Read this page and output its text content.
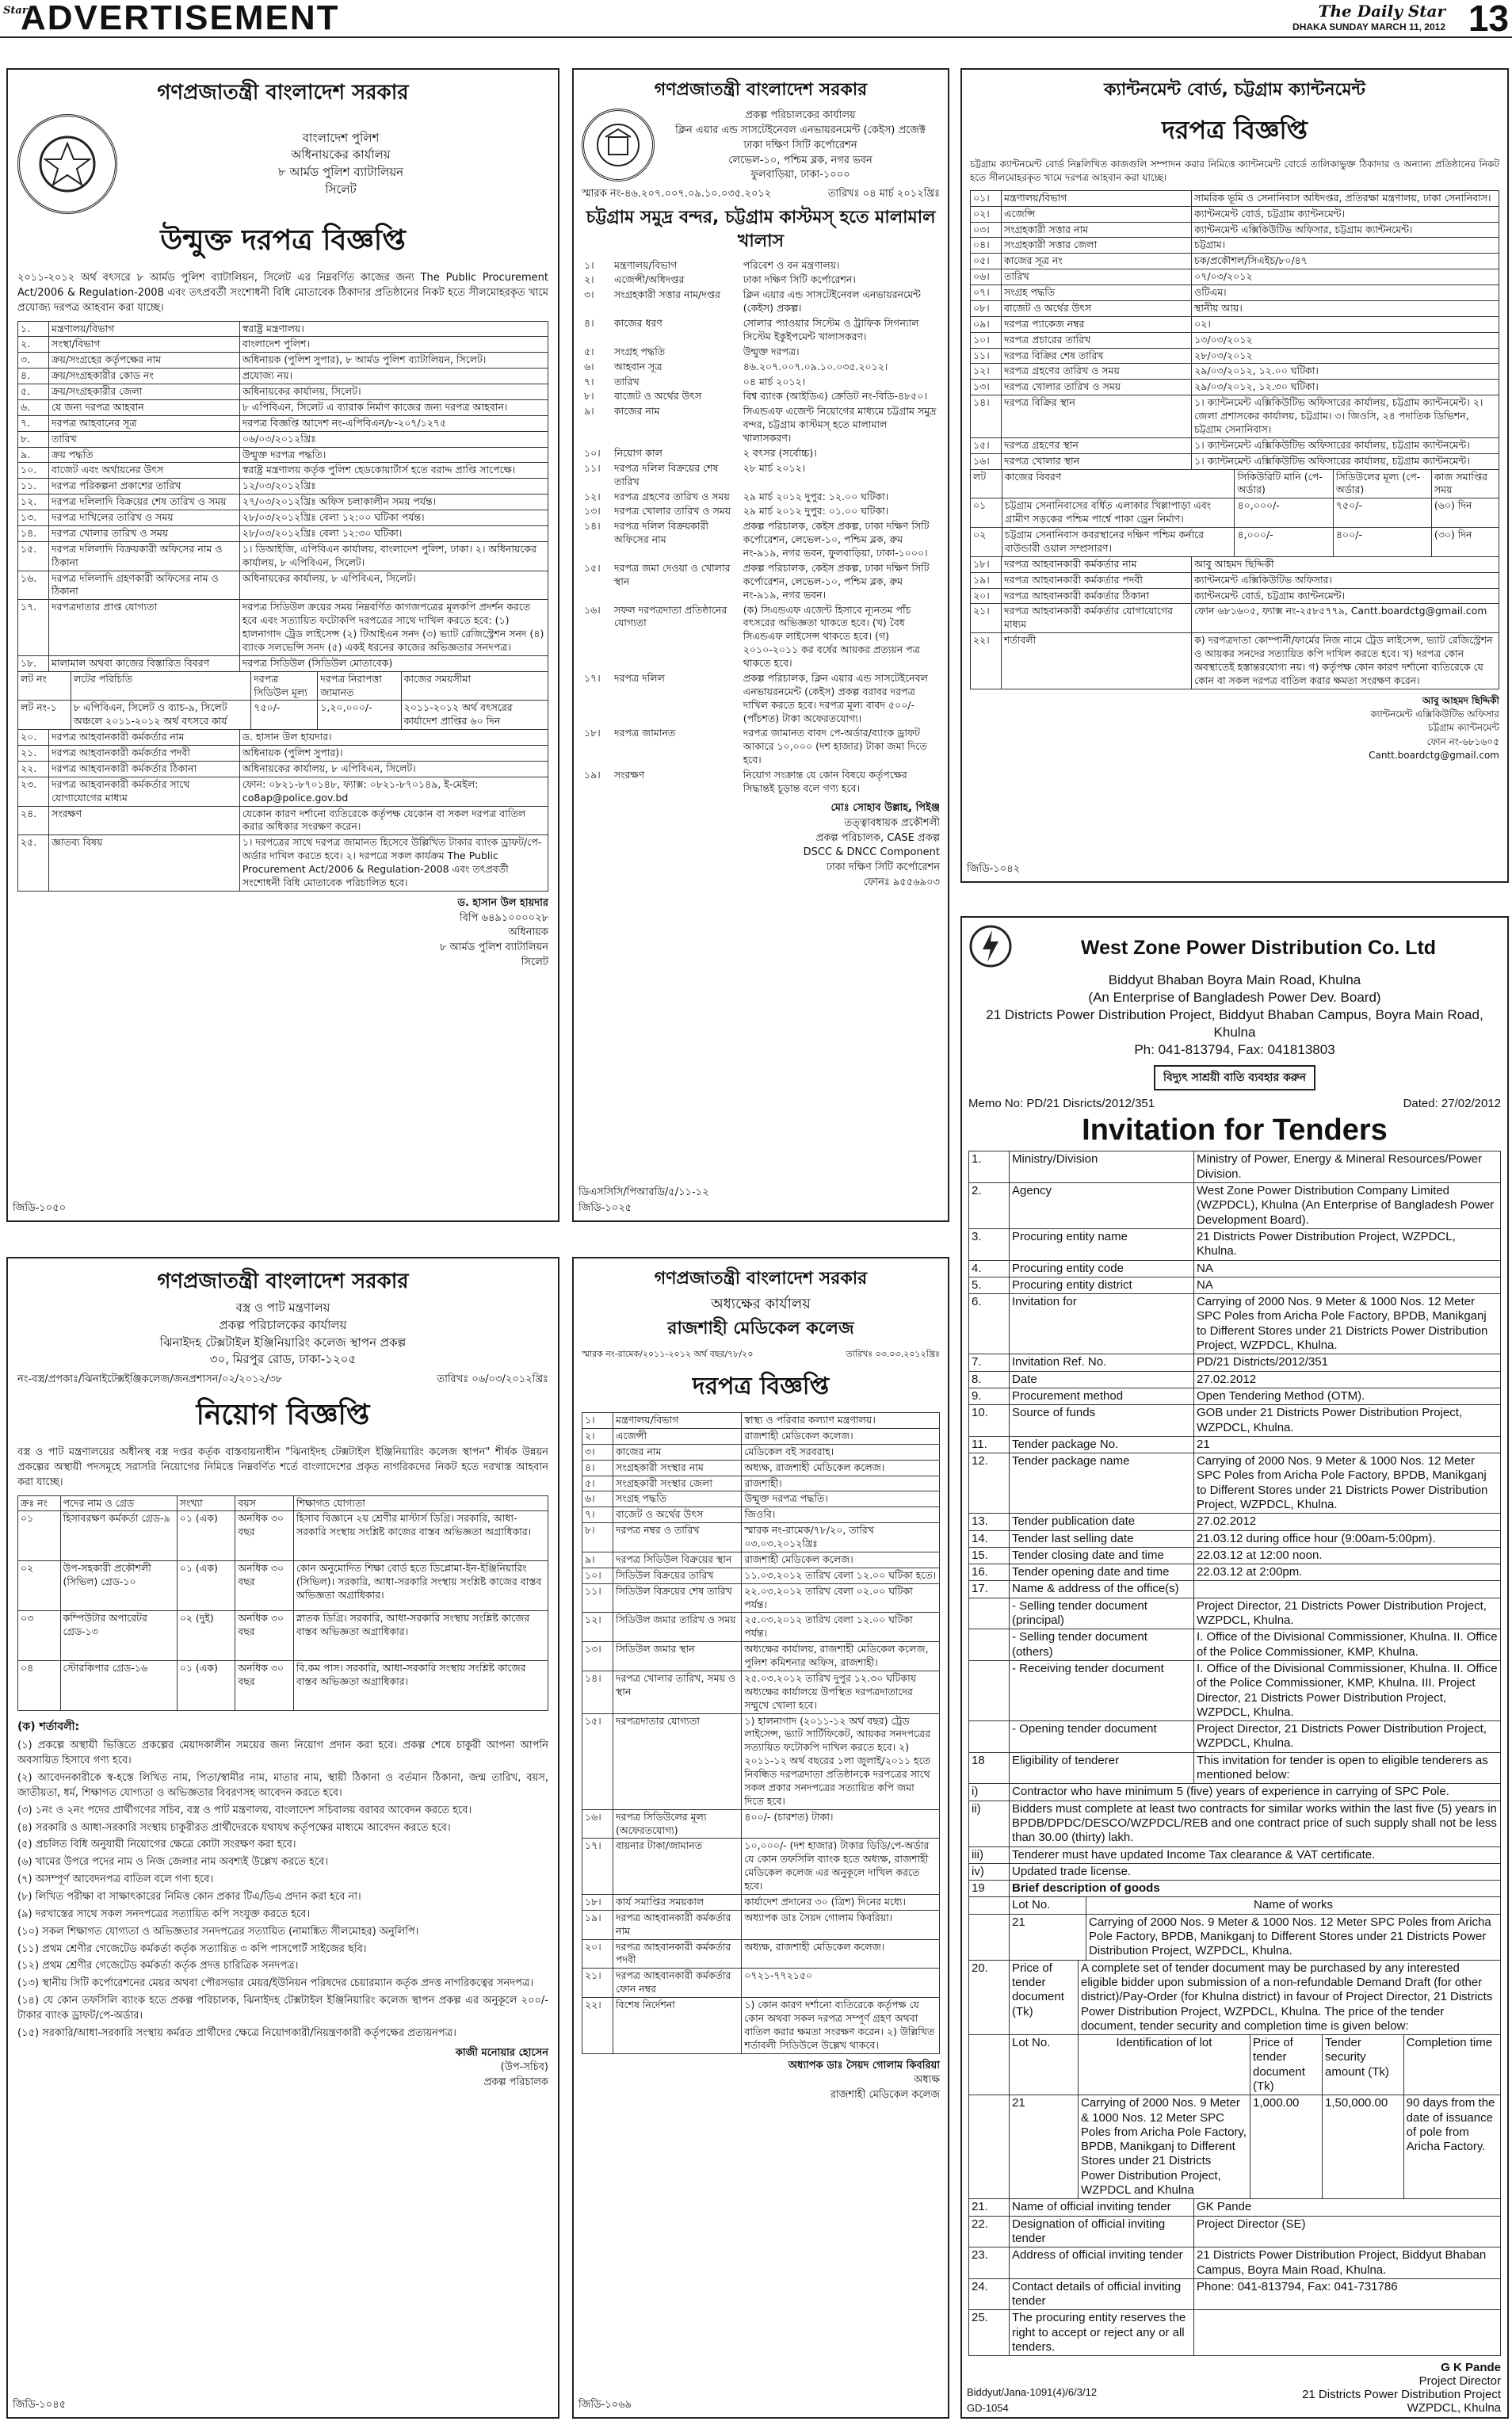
Star
ADVERTISEMENT	The Daily Star
DHAKA SUNDAY MARCH 11, 2012 13
গণপ্রজাতন্ত্রী বাংলাদেশ সরকার
বাংলাদেশ পুলিশ
অধিনায়কের কার্যালয়
৮ আর্মড পুলিশ ব্যাটালিয়ন
সিলেট
উন্মুক্ত দরপত্র বিজ্ঞপ্তি
২০১১-২০১২ অর্থ বৎসরে ৮ আর্মড পুলিশ ব্যাটালিয়ন, সিলেট এর নিম্নবর্ণিত কাজের জন্য The Public Procurement Act/2006 & Regulation-2008 এবং তৎপ্রবর্তী সংশোধনী বিধি মোতাবেক ঠিকাদার প্রতিষ্ঠানের নিকট হতে সীলমোহরকৃত খামে প্রযোজ্য দরপত্র আহবান করা যাচ্ছে।
১.	মন্ত্রণালয়/বিভাগ	স্বরাষ্ট্র মন্ত্রণালয়।
২.	সংস্থা/বিভাগ	বাংলাদেশ পুলিশ।
৩.	ক্রয়/সংগ্রহের কর্তৃপক্ষের নাম	অধিনায়ক (পুলিশ সুপার), ৮ আর্মড পুলিশ ব্যাটালিয়ন, সিলেট।
৪.	ক্রয়/সংগ্রহকারীর কোড নং	প্রযোজ্য নয়।
৫.	ক্রয়/সংগ্রহকারীর জেলা	অধিনায়কের কার্যালয়, সিলেট।
৬.	যে জন্য দরপত্র আহবান	৮ এপিবিএন, সিলেট এ ব্যারাক নির্মাণ কাজের জন্য দরপত্র আহবান।
৭.	দরপত্র আহবানের সূত্র	দরপত্র বিজ্ঞপ্তি আদেশ নং-এপিবিএন/৮-২০৭/১২৭৫
৮.	তারিখ	০৬/০৩/২০১২খ্রিঃ
৯.	ক্রয় পদ্ধতি	উন্মুক্ত দরপত্র পদ্ধতি।
১০.	বাজেট এবং অর্থায়নের উৎস	স্বরাষ্ট্র মন্ত্রণালয় কর্তৃক পুলিশ হেডকোয়ার্টার্স হতে বরাদ্দ প্রাপ্তি সাপেক্ষে।
১১.	দরপত্র পরিকল্পনা প্রকাশের তারিখ	১২/০৩/২০১২খ্রিঃ
১২.	দরপত্র দলিলাদি বিক্রয়ের শেষ তারিখ ও সময়	২৭/০৩/২০১২খ্রিঃ অফিস চলাকালীন সময় পর্যন্ত।
১৩.	দরপত্র দাখিলের তারিখ ও সময়	২৮/০৩/২০১২খ্রিঃ বেলা ১২:০০ ঘটিকা পর্যন্ত।
১৪.	দরপত্র খোলার তারিখ ও সময়	২৮/০৩/২০১২খ্রিঃ বেলা ১২:৩০ ঘটিকা।
১৫.	দরপত্র দলিলাদি বিক্রয়কারী অফিসের নাম ও ঠিকানা	১। ডিআইজি, এপিবিএন কার্যালয়, বাংলাদেশ পুলিশ, ঢাকা। ২। অধিনায়কের কার্যালয়, ৮ এপিবিএন, সিলেট।
১৬.	দরপত্র দলিলাদি গ্রহণকারী অফিসের নাম ও ঠিকানা	অধিনায়কের কার্যালয়, ৮ এপিবিএন, সিলেট।
১৭.	দরপত্রদাতার প্রাপ্ত যোগ্যতা	দরপত্র সিডিউল ক্রয়ের সময় নিম্নবর্ণিত কাগজপত্রের মূলকপি প্রদর্শন করতে হবে এবং সত্যায়িত ফটোকপি দরপত্রের সাথে দাখিল করতে হবে: (১) হালনাগাদ ট্রেড লাইসেন্স (২) টিআইএন সনদ (৩) ভ্যাট রেজিস্ট্রেশন সনদ (৪) ব্যাংক সলভেন্সি সনদ (৫) একই ধরনের কাজের অভিজ্ঞতার সনদপত্র।
১৮.	মালামাল অথবা কাজের বিস্তারিত বিবরণ	দরপত্র সিডিউল (সিডিউল মোতাবেক)
লট নং	লটের পরিচিতি	দরপত্র সিডিউল মূল্য	দরপত্র নিরাপত্তা জামানত	কাজের সময়সীমা
লট নং-১	৮ এপিবিএন, সিলেট ও ব্যাচ-৯, সিলেট অঞ্চলে ২০১১-২০১২ অর্থ বৎসরে কার্য	৭৫০/-	১,২০,০০০/-	২০১১-২০১২ অর্থ বৎসরের কার্যাদেশ প্রাপ্তির ৬০ দিন
২০.	দরপত্র আহবানকারী কর্মকর্তার নাম	ড. হাসান উল হায়দার।
২১.	দরপত্র আহবানকারী কর্মকর্তার পদবী	অধিনায়ক (পুলিশ সুপার)।
২২.	দরপত্র আহবানকারী কর্মকর্তার ঠিকানা	অধিনায়কের কার্যালয়, ৮ এপিবিএন, সিলেট।
২৩.	দরপত্র আহবানকারী কর্মকর্তার সাথে যোগাযোগের মাধ্যম	ফোন: ০৮২১-৮৭০১৪৮, ফ্যাক্স: ০৮২১-৮৭০১৪৯, ই-মেইল: co8ap@police.gov.bd
২৪.	সংরক্ষণ	যেকোন কারণ দর্শানো ব্যতিরেকে কর্তৃপক্ষ যেকোন বা সকল দরপত্র বাতিল করার অধিকার সংরক্ষণ করেন।
২৫.	জ্ঞাতব্য বিষয়	১। দরপত্রের সাথে দরপত্র জামানত হিসেবে উল্লিখিত টাকার ব্যাংক ড্রাফট/পে-অর্ডার দাখিল করতে হবে। ২। দরপত্রে সকল কার্যক্রম The Public Procurement Act/2006 & Regulation-2008 এবং তৎপ্রবর্তী সংশোধনী বিধি মোতাবেক পরিচালিত হবে।
ড. হাসান উল হায়দার
বিপি ৬৪৯১০০০০২৮
অধিনায়ক
৮ আর্মড পুলিশ ব্যাটালিয়ন
সিলেট
জিডি-১০৫০
গণপ্রজাতন্ত্রী বাংলাদেশ সরকার
প্রকল্প পরিচালকের কার্যালয়
ক্লিন এয়ার এন্ড সাসটেইনেবল এনভায়রনমেন্ট (কেইস) প্রজেক্ট
ঢাকা দক্ষিণ সিটি কর্পোরেশন
লেভেল-১০, পশ্চিম ব্লক, নগর ভবন
ফুলবাড়িয়া, ঢাকা-১০০০
স্মারক নং-৪৬.২০৭.০০৭.০৯.১০.০৩৫.২০১২	তারিখঃ ০৪ মার্চ ২০১২খ্রিঃ
চট্টগ্রাম সমুদ্র বন্দর, চট্টগ্রাম কাস্টমস্ হতে মালামাল খালাস
১।	মন্ত্রণালয়/বিভাগ	পরিবেশ ও বন মন্ত্রণালয়।
২।	এজেন্সী/অধিদপ্তর	ঢাকা দক্ষিণ সিটি কর্পোরেশন।
৩।	সংগ্রহকারী সত্তার নাম/দপ্তর	ক্লিন এয়ার এন্ড সাসটেইনেবল এনভায়রনমেন্ট (কেইস) প্রকল্প।
৪।	কাজের ধরণ	সোলার প্যাওয়ার সিস্টেম ও ট্রাফিক সিগন্যাল সিস্টেম ইকুইপমেন্ট খালাসকরণ।
৫।	সংগ্রহ পদ্ধতি	উন্মুক্ত দরপত্র।
৬।	আহবান সূত্র	৪৬.২০৭.০০৭.০৯.১০.০৩৫.২০১২।
৭।	তারিখ	০৪ মার্চ ২০১২।
৮।	বাজেট ও অর্থের উৎস	বিশ্ব ব্যাংক (আইডিএ) ক্রেডিট নং-বিডি-৪৮৫০।
৯।	কাজের নাম	সিএন্ডএফ এজেন্ট নিয়োগের মাধ্যমে চট্টগ্রাম সমুদ্র বন্দর, চট্টগ্রাম কাস্টমস্ হতে মালামাল খালাসকরণ।
১০।	নিয়োগ কাল	২ বৎসর (সর্বোচ্চ)।
১১।	দরপত্র দলিল বিক্রয়ের শেষ তারিখ	২৮ মার্চ ২০১২।
১২।	দরপত্র গ্রহণের তারিখ ও সময়	২৯ মার্চ ২০১২ দুপুর: ১২.০০ ঘটিকা।
১৩।	দরপত্র খোলার তারিখ ও সময়	২৯ মার্চ ২০১২ দুপুর: ০১.০০ ঘটিকা।
১৪।	দরপত্র দলিল বিক্রয়কারী অফিসের নাম	প্রকল্প পরিচালক, কেইস প্রকল্প, ঢাকা দক্ষিণ সিটি কর্পোরেশন, লেভেল-১০, পশ্চিম ব্লক, রুম নং-৯১৯, নগর ভবন, ফুলবাড়িয়া, ঢাকা-১০০০।
১৫।	দরপত্র জমা দেওয়া ও খোলার স্থান	প্রকল্প পরিচালক, কেইস প্রকল্প, ঢাকা দক্ষিণ সিটি কর্পোরেশন, লেভেল-১০, পশ্চিম ব্লক, রুম নং-৯১৯, নগর ভবন।
১৬।	সফল দরপত্রদাতা প্রতিষ্ঠানের যোগ্যতা	(ক) সিএন্ডএফ এজেন্ট হিসাবে ন্যূনতম পাঁচ বৎসরের অভিজ্ঞতা থাকতে হবে। (খ) বৈধ সিএন্ডএফ লাইসেন্স থাকতে হবে। (গ) ২০১০-২০১১ কর বর্ষের আয়কর প্রত্যয়ন পত্র থাকতে হবে।
১৭।	দরপত্র দলিল	প্রকল্প পরিচালক, ক্লিন এয়ার এন্ড সাসটেইনেবল এনভায়রনমেন্ট (কেইস) প্রকল্প বরাবর দরপত্র দাখিল করতে হবে। দরপত্র মূল্য বাবদ ৫০০/- (পাঁচশত) টাকা অফেরতযোগ্য।
১৮।	দরপত্র জামানত	দরপত্র জামানত বাবদ পে-অর্ডার/ব্যাংক ড্রাফট আকারে ১০,০০০ (দশ হাজার) টাকা জমা দিতে হবে।
১৯।	সংরক্ষণ	নিয়োগ সংক্রান্ত যে কোন বিষয়ে কর্তৃপক্ষের সিদ্ধান্তই চূড়ান্ত বলে গণ্য হবে।
মোঃ সোহাব উল্লাহ, পিইঞ্জ
তত্ত্বাবধায়ক প্রকৌশলী
প্রকল্প পরিচালক, CASE প্রকল্প
DSCC & DNCC Component
ঢাকা দক্ষিণ সিটি কর্পোরেশন
ফোনঃ ৯৫৫৬৯০৩
ডিএসসিসি/পিআরডি/৫/১১-১২
জিডি-১০২৫
ক্যান্টনমেন্ট বোর্ড, চট্টগ্রাম ক্যান্টনমেন্ট
দরপত্র বিজ্ঞপ্তি
চট্টগ্রাম ক্যান্টনমেন্ট বোর্ড নিম্নলিখিত কাজগুলি সম্পাদন করার নিমিত্তে ক্যান্টনমেন্ট বোর্ডে তালিকাভুক্ত ঠিকাদার ও অন্যান্য প্রতিষ্ঠানের নিকট হতে সীলমোহরকৃত খামে দরপত্র আহবান করা যাচ্ছে।
০১।	মন্ত্রণালয়/বিভাগ	সামরিক ভূমি ও সেনানিবাস অধিদপ্তর, প্রতিরক্ষা মন্ত্রণালয়, ঢাকা সেনানিবাস।
০২।	এজেন্সি	ক্যান্টনমেন্ট বোর্ড, চট্টগ্রাম ক্যান্টনমেন্ট।
০৩।	সংগ্রহকারী সত্তার নাম	ক্যান্টনমেন্ট এক্সিকিউটিভ অফিসার, চট্টগ্রাম ক্যান্টনমেন্ট।
০৪।	সংগ্রহকারী সত্তার জেলা	চট্টগ্রাম।
০৫।	কাজের সূত্র নং	চক/প্রকৌশল/সিএইচ/৮০/৪৭
০৬।	তারিখ	০৭/০৩/২০১২
০৭।	সংগ্রহ পদ্ধতি	ওটিএম।
০৮।	বাজেট ও অর্থের উৎস	স্থানীয় আয়।
০৯।	দরপত্র প্যাকেজ নম্বর	০২।
১০।	দরপত্র প্রচারের তারিখ	১৩/০৩/২০১২
১১।	দরপত্র বিক্রির শেষ তারিখ	২৮/০৩/২০১২
১২।	দরপত্র গ্রহণের তারিখ ও সময়	২৯/০৩/২০১২, ১২.০০ ঘটিকা।
১৩।	দরপত্র খোলার তারিখ ও সময়	২৯/০৩/২০১২, ১২.৩০ ঘটিকা।
১৪।	দরপত্র বিক্রির স্থান	১। ক্যান্টনমেন্ট এক্সিকিউটিভ অফিসারের কার্যালয়, চট্টগ্রাম ক্যান্টনমেন্ট। ২। জেলা প্রশাসকের কার্যালয়, চট্টগ্রাম। ৩। জিওসি, ২৪ পদাতিক ডিভিশন, চট্টগ্রাম সেনানিবাস।
১৫।	দরপত্র গ্রহণের স্থান	১। ক্যান্টনমেন্ট এক্সিকিউটিভ অফিসারের কার্যালয়, চট্টগ্রাম ক্যান্টনমেন্ট।
১৬।	দরপত্র খোলার স্থান	১। ক্যান্টনমেন্ট এক্সিকিউটিভ অফিসারের কার্যালয়, চট্টগ্রাম ক্যান্টনমেন্ট।
লট	কাজের বিবরণ	সিকিউরিটি মানি (পে-অর্ডার)	সিডিউলের মূল্য (পে-অর্ডার)	কাজ সমাপ্তির সময়
০১	চট্টগ্রাম সেনানিবাসের বর্ধিত এলাকার খিল্লাপাড়া এবং গ্রামীণ সড়কের পশ্চিম পার্শ্বে পাকা ড্রেন নির্মাণ।	৪০,০০০/-	৭৫০/-	(৬০) দিন
০২	চট্টগ্রাম সেনানিবাস কবরস্থানের দক্ষিণ পশ্চিম কর্নারে বাউন্ডারী ওয়াল সম্প্রসারণ।	৪,০০০/-	৪০০/-	(৩০) দিন
১৮।	দরপত্র আহবানকারী কর্মকর্তার নাম	আবু আহমদ ছিদ্দিকী
১৯।	দরপত্র আহবানকারী কর্মকর্তার পদবী	ক্যান্টনমেন্ট এক্সিকিউটিভ অফিসার।
২০।	দরপত্র আহবানকারী কর্মকর্তার ঠিকানা	ক্যান্টনমেন্ট বোর্ড, চট্টগ্রাম ক্যান্টনমেন্ট।
২১।	দরপত্র আহবানকারী কর্মকর্তার যোগাযোগের মাধ্যম	ফোন ৬৮১৬০৫, ফ্যাক্স নং-২৫৮৫৭৭৯, Cantt.boardctg@gmail.com
২২।	শর্তাবলী	ক) দরপত্রদাতা কোম্পানী/ফার্মের নিজ নামে ট্রেড লাইসেন্স, ভ্যাট রেজিস্ট্রেশন ও আয়কর সনদের সত্যায়িত কপি দাখিল করতে হবে। খ) দরপত্র কোন অবস্থাতেই হস্তান্তরযোগ্য নয়। গ) কর্তৃপক্ষ কোন কারণ দর্শানো ব্যতিরেকে যে কোন বা সকল দরপত্র বাতিল করার ক্ষমতা সংরক্ষণ করেন।
আবু আহমদ ছিদ্দিকী
ক্যান্টনমেন্ট এক্সিকিউটিভ অফিসার
চট্টগ্রাম ক্যান্টনমেন্ট
ফোন নং-৬৮১৬০৫
Cantt.boardctg@gmail.com
জিডি-১০৪২
West Zone Power Distribution Co. Ltd
Biddyut Bhaban Boyra Main Road, Khulna
(An Enterprise of Bangladesh Power Dev. Board)
21 Districts Power Distribution Project, Biddyut Bhaban Campus, Boyra Main Road, Khulna
Ph: 041-813794, Fax: 041813803
বিদ্যুৎ সাশ্রয়ী বাতি ব্যবহার করুন
Memo No: PD/21 Disricts/2012/351	Dated: 27/02/2012
Invitation for Tenders
1.	Ministry/Division	Ministry of Power, Energy & Mineral Resources/Power Division.
2.	Agency	West Zone Power Distribution Company Limited (WZPDCL), Khulna (An Enterprise of Bangladesh Power Development Board).
3.	Procuring entity name	21 Districts Power Distribution Project, WZPDCL, Khulna.
4.	Procuring entity code	NA
5.	Procuring entity district	NA
6.	Invitation for	Carrying of 2000 Nos. 9 Meter & 1000 Nos. 12 Meter SPC Poles from Aricha Pole Factory, BPDB, Manikganj to Different Stores under 21 Districts Power Distribution Project, WZPDCL, Khulna.
7.	Invitation Ref. No.	PD/21 Districts/2012/351
8.	Date	27.02.2012
9.	Procurement method	Open Tendering Method (OTM).
10.	Source of funds	GOB under 21 Districts Power Distribution Project, WZPDCL, Khulna.
11.	Tender package No.	21
12.	Tender package name	Carrying of 2000 Nos. 9 Meter & 1000 Nos. 12 Meter SPC Poles from Aricha Pole Factory, BPDB, Manikganj to Different Stores under 21 Districts Power Distribution Project, WZPDCL, Khulna.
13.	Tender publication date	27.02.2012
14.	Tender last selling date	21.03.12 during office hour (9:00am-5:00pm).
15.	Tender closing date and time	22.03.12 at 12:00 noon.
16.	Tender opening date and time	22.03.12 at 2:00pm.
17.	Name & address of the office(s)	
	- Selling tender document (principal)	Project Director, 21 Districts Power Distribution Project, WZPDCL, Khulna.
	- Selling tender document (others)	I. Office of the Divisional Commissioner, Khulna. II. Office of the Police Commissioner, KMP, Khulna.
	- Receiving tender document	I. Office of the Divisional Commissioner, Khulna. II. Office of the Police Commissioner, KMP, Khulna. III. Project Director, 21 Districts Power Distribution Project, WZPDCL, Khulna.
	- Opening tender document	Project Director, 21 Districts Power Distribution Project, WZPDCL, Khulna.
18	Eligibility of tenderer	This invitation for tender is open to eligible tenderers as mentioned below:
i)	Contractor who have minimum 5 (five) years of experience in carrying of SPC Pole.
ii)	Bidders must complete at least two contracts for similar works within the last five (5) years in BPDB/DPDC/DESCO/WZPDCL/REB and one contract price of such supply shall not be less than 30.00 (thirty) lakh.
iii)	Tenderer must have updated Income Tax clearance & VAT certificate.
iv)	Updated trade license.
19	Brief description of goods	
	Lot No.	Name of works
	21	Carrying of 2000 Nos. 9 Meter & 1000 Nos. 12 Meter SPC Poles from Aricha Pole Factory, BPDB, Manikganj to Different Stores under 21 Districts Power Distribution Project, WZPDCL, Khulna.
20.	Price of tender document (Tk)	A complete set of tender document may be purchased by any interested eligible bidder upon submission of a non-refundable Demand Draft (for other district)/Pay-Order (for Khulna district) in favour of Project Director, 21 Districts Power Distribution Project, WZPDCL, Khulna. The price of the tender document, tender security and completion time is given below:			
	Lot No.	Identification of lot	Price of tender document (Tk)	Tender security amount (Tk)	Completion time
	21	Carrying of 2000 Nos. 9 Meter & 1000 Nos. 12 Meter SPC Poles from Aricha Pole Factory, BPDB, Manikganj to Different Stores under 21 Districts Power Distribution Project, WZPDCL and Khulna	1,000.00	1,50,000.00	90 days from the date of issuance of pole from Aricha Factory.
21.	Name of official inviting tender	GK Pande
22.	Designation of official inviting tender	Project Director (SE)
23.	Address of official inviting tender	21 Districts Power Distribution Project, Biddyut Bhaban Campus, Boyra Main Road, Khulna.
24.	Contact details of official inviting tender	Phone: 041-813794, Fax: 041-731786
25.	The procuring entity reserves the right to accept or reject any or all tenders.	
G K Pande
Project Director
21 Districts Power Distribution Project
WZPDCL, Khulna
Biddyut/Jana-1091(4)/6/3/12
GD-1054
গণপ্রজাতন্ত্রী বাংলাদেশ সরকার
বস্ত্র ও পাট মন্ত্রণালয়
প্রকল্প পরিচালকের কার্যালয়
ঝিনাইদহ টেক্সটাইল ইঞ্জিনিয়ারিং কলেজ স্থাপন প্রকল্প
৩০, মিরপুর রোড, ঢাকা-১২০৫
নং-বস্ত্র/প্রপকাঃ/ঝিনাইটেক্সইঞ্জিকলেজ/জনপ্রশাসন/০২/২০১২/৩৮	তারিখঃ ০৬/০৩/২০১২খ্রিঃ
নিয়োগ বিজ্ঞপ্তি
বস্ত্র ও পাট মন্ত্রণালয়ের অধীনস্থ বস্ত্র দপ্তর কর্তৃক বাস্তবায়নাধীন "ঝিনাইদহ টেক্সটাইল ইঞ্জিনিয়ারিং কলেজ স্থাপন" শীর্ষক উন্নয়ন প্রকল্পের অস্থায়ী পদসমূহে সরাসরি নিয়োগের নিমিত্তে নিম্নবর্ণিত শর্তে বাংলাদেশের প্রকৃত নাগরিকদের নিকট হতে দরখাস্ত আহবান করা যাচ্ছে।
ক্রঃ নং	পদের নাম ও গ্রেড	সংখ্যা	বয়স	শিক্ষাগত যোগ্যতা
০১	হিসাবরক্ষণ কর্মকর্তা গ্রেড-৯	০১ (এক)	অনধিক ৩০ বছর	হিসাব বিজ্ঞানে ২য় শ্রেণীর মাস্টার্স ডিগ্রি। সরকারি, আধা-সরকারি সংস্থায় সংশ্লিষ্ট কাজের বাস্তব অভিজ্ঞতা অগ্রাধিকার।
০২	উপ-সহকারী প্রকৌশলী (সিভিল) গ্রেড-১০	০১ (এক)	অনধিক ৩০ বছর	কোন অনুমোদিত শিক্ষা বোর্ড হতে ডিপ্লোমা-ইন-ইঞ্জিনিয়ারিং (সিভিল)। সরকারি, আধা-সরকারি সংস্থায় সংশ্লিষ্ট কাজের বাস্তব অভিজ্ঞতা অগ্রাধিকার।
০৩	কম্পিউটার অপারেটর গ্রেড-১৩	০২ (দুই)	অনধিক ৩০ বছর	স্নাতক ডিগ্রি। সরকারি, আধা-সরকারি সংস্থায় সংশ্লিষ্ট কাজের বাস্তব অভিজ্ঞতা অগ্রাধিকার।
০৪	স্টোরকিপার গ্রেড-১৬	০১ (এক)	অনধিক ৩০ বছর	বি.কম পাস। সরকারি, আধা-সরকারি সংস্থায় সংশ্লিষ্ট কাজের বাস্তব অভিজ্ঞতা অগ্রাধিকার।
(ক) শর্তাবলী:
(১) প্রকল্পে অস্থায়ী ভিত্তিতে প্রকল্পের মেয়াদকালীন সময়ের জন্য নিয়োগ প্রদান করা হবে। প্রকল্প শেষে চাকুরী আপনা আপনি অবসায়িত হিসাবে গণ্য হবে।
(২) আবেদনকারীকে স্ব-হস্তে লিখিত নাম, পিতা/স্বামীর নাম, মাতার নাম, স্থায়ী ঠিকানা ও বর্তমান ঠিকানা, জন্ম তারিখ, বয়স, জাতীয়তা, ধর্ম, শিক্ষাগত যোগ্যতা ও অভিজ্ঞতার বিবরণসহ আবেদন করতে হবে।
(৩) ১নং ও ২নং পদের প্রার্থীগণের সচিব, বস্ত্র ও পাট মন্ত্রণালয়, বাংলাদেশ সচিবালয় বরাবর আবেদন করতে হবে।
(৪) সরকারি ও আধা-সরকারি সংস্থায় চাকুরীরত প্রার্থীদেরকে যথাযথ কর্তৃপক্ষের মাধ্যমে আবেদন করতে হবে।
(৫) প্রচলিত বিধি অনুযায়ী নিয়োগের ক্ষেত্রে কোটা সংরক্ষণ করা হবে।
(৬) খামের উপরে পদের নাম ও নিজ জেলার নাম অবশ্যই উল্লেখ করতে হবে।
(৭) অসম্পূর্ণ আবেদনপত্র বাতিল বলে গণ্য হবে।
(৮) লিখিত পরীক্ষা বা সাক্ষাৎকারের নিমিত্ত কোন প্রকার টিএ/ডিএ প্রদান করা হবে না।
(৯) দরখাস্তের সাথে সকল সনদপত্রের সত্যায়িত কপি সংযুক্ত করতে হবে।
(১০) সকল শিক্ষাগত যোগ্যতা ও অভিজ্ঞতার সনদপত্রের সত্যায়িত (নামাঙ্কিত সীলমোহর) অনুলিপি।
(১১) প্রথম শ্রেণীর গেজেটেড কর্মকর্তা কর্তৃক সত্যায়িত ৩ কপি পাসপোর্ট সাইজের ছবি।
(১২) প্রথম শ্রেণীর গেজেটেড কর্মকর্তা কর্তৃক প্রদত্ত চারিত্রিক সনদপত্র।
(১৩) স্থানীয় সিটি কর্পোরেশনের মেয়র অথবা পৌরসভার মেয়র/ইউনিয়ন পরিষদের চেয়ারম্যান কর্তৃক প্রদত্ত নাগরিকত্বের সনদপত্র।
(১৪) যে কোন তফসিলি ব্যাংক হতে প্রকল্প পরিচালক, ঝিনাইদহ টেক্সটাইল ইঞ্জিনিয়ারিং কলেজ স্থাপন প্রকল্প এর অনুকূলে ২০০/- টাকার ব্যাংক ড্রাফট/পে-অর্ডার।
(১৫) সরকারি/আধা-সরকারি সংস্থায় কর্মরত প্রার্থীদের ক্ষেত্রে নিয়োগকারী/নিয়ন্ত্রণকারী কর্তৃপক্ষের প্রত্যয়নপত্র।
কাজী মনোয়ার হোসেন
(উপ-সচিব)
প্রকল্প পরিচালক
জিডি-১০৪৫
গণপ্রজাতন্ত্রী বাংলাদেশ সরকার
অধ্যক্ষের কার্যালয়
রাজশাহী মেডিকেল কলেজ
স্মারক নং-রামেক/২০১১-২০১২ অর্থ বছর/৭৮/২০	তারিখঃ ০৩.০৩.২০১২খ্রিঃ
দরপত্র বিজ্ঞপ্তি
১।	মন্ত্রণালয়/বিভাগ	স্বাস্থ্য ও পরিবার কল্যাণ মন্ত্রণালয়।
২।	এজেন্সী	রাজশাহী মেডিকেল কলেজ।
৩।	কাজের নাম	মেডিকেল বই সরবরাহ।
৪।	সংগ্রহকারী সংস্থার নাম	অধ্যক্ষ, রাজশাহী মেডিকেল কলেজ।
৫।	সংগ্রহকারী সংস্থার জেলা	রাজশাহী।
৬।	সংগ্রহ পদ্ধতি	উন্মুক্ত দরপত্র পদ্ধতি।
৭।	বাজেট ও অর্থের উৎস	জিওবি।
৮।	দরপত্র নম্বর ও তারিখ	স্মারক নং-রামেক/৭৮/২০, তারিখ ০৩.০৩.২০১২খ্রিঃ
৯।	দরপত্র সিডিউল বিক্রয়ের স্থান	রাজশাহী মেডিকেল কলেজ।
১০।	সিডিউল বিক্রয়ের তারিখ	১১.০৩.২০১২ তারিখ বেলা ১২.০০ ঘটিকা হতে।
১১।	সিডিউল বিক্রয়ের শেষ তারিখ	২২.০৩.২০১২ তারিখ বেলা ০২.০০ ঘটিকা পর্যন্ত।
১২।	সিডিউল জমার তারিখ ও সময়	২৫.০৩.২০১২ তারিখ বেলা ১২.০০ ঘটিকা পর্যন্ত।
১৩।	সিডিউল জমার স্থান	অধ্যক্ষের কার্যালয়, রাজশাহী মেডিকেল কলেজ, পুলিশ কমিশনার অফিস, রাজশাহী।
১৪।	দরপত্র খোলার তারিখ, সময় ও স্থান	২৫.০৩.২০১২ তারিখ দুপুর ১২.৩০ ঘটিকায় অধ্যক্ষের কার্যালয়ে উপস্থিত দরপত্রদাতাদের সম্মুখে খোলা হবে।
১৫।	দরপত্রদাতার যোগ্যতা	১) হালনাগাদ (২০১১-১২ অর্থ বছর) ট্রেড লাইসেন্স, ভ্যাট সার্টিফিকেট, আয়কর সনদপত্রের সত্যায়িত ফটোকপি দাখিল করতে হবে। ২) ২০১১-১২ অর্থ বছরের ১লা জুলাই/২০১১ হতে নিবন্ধিত দরপত্রদাতা প্রতিষ্ঠানকে দরপত্রের সাথে সকল প্রকার সনদপত্রের সত্যায়িত কপি জমা দিতে হবে।
১৬।	দরপত্র সিডিউলের মূল্য (অফেরতযোগ্য)	৪০০/- (চারশত) টাকা।
১৭।	বায়নার টাকা/জামানত	১০,০০০/- (দশ হাজার) টাকার ডিডি/পে-অর্ডার যে কোন তফসিলি ব্যাংক হতে অধ্যক্ষ, রাজশাহী মেডিকেল কলেজ এর অনুকূলে দাখিল করতে হবে।
১৮।	কার্য সমাপ্তির সময়কাল	কার্যাদেশ প্রদানের ৩০ (ত্রিশ) দিনের মধ্যে।
১৯।	দরপত্র আহবানকারী কর্মকর্তার নাম	অধ্যাপক ডাঃ সৈয়দ গোলাম কিবরিয়া।
২০।	দরপত্র আহবানকারী কর্মকর্তার পদবী	অধ্যক্ষ, রাজশাহী মেডিকেল কলেজ।
২১।	দরপত্র আহবানকারী কর্মকর্তার ফোন নম্বর	০৭২১-৭৭২১৫০
২২।	বিশেষ নির্দেশনা	১) কোন কারণ দর্শানো ব্যতিরেকে কর্তৃপক্ষ যে কোন অথবা সকল দরপত্র সম্পূর্ণ গ্রহণ অথবা বাতিল করার ক্ষমতা সংরক্ষণ করেন। ২) উল্লিখিত শর্তাবলী সিডিউলে উল্লেখ থাকবে।
অধ্যাপক ডাঃ সৈয়দ গোলাম কিবরিয়া
অধ্যক্ষ
রাজশাহী মেডিকেল কলেজ
জিডি-১০৬৯
